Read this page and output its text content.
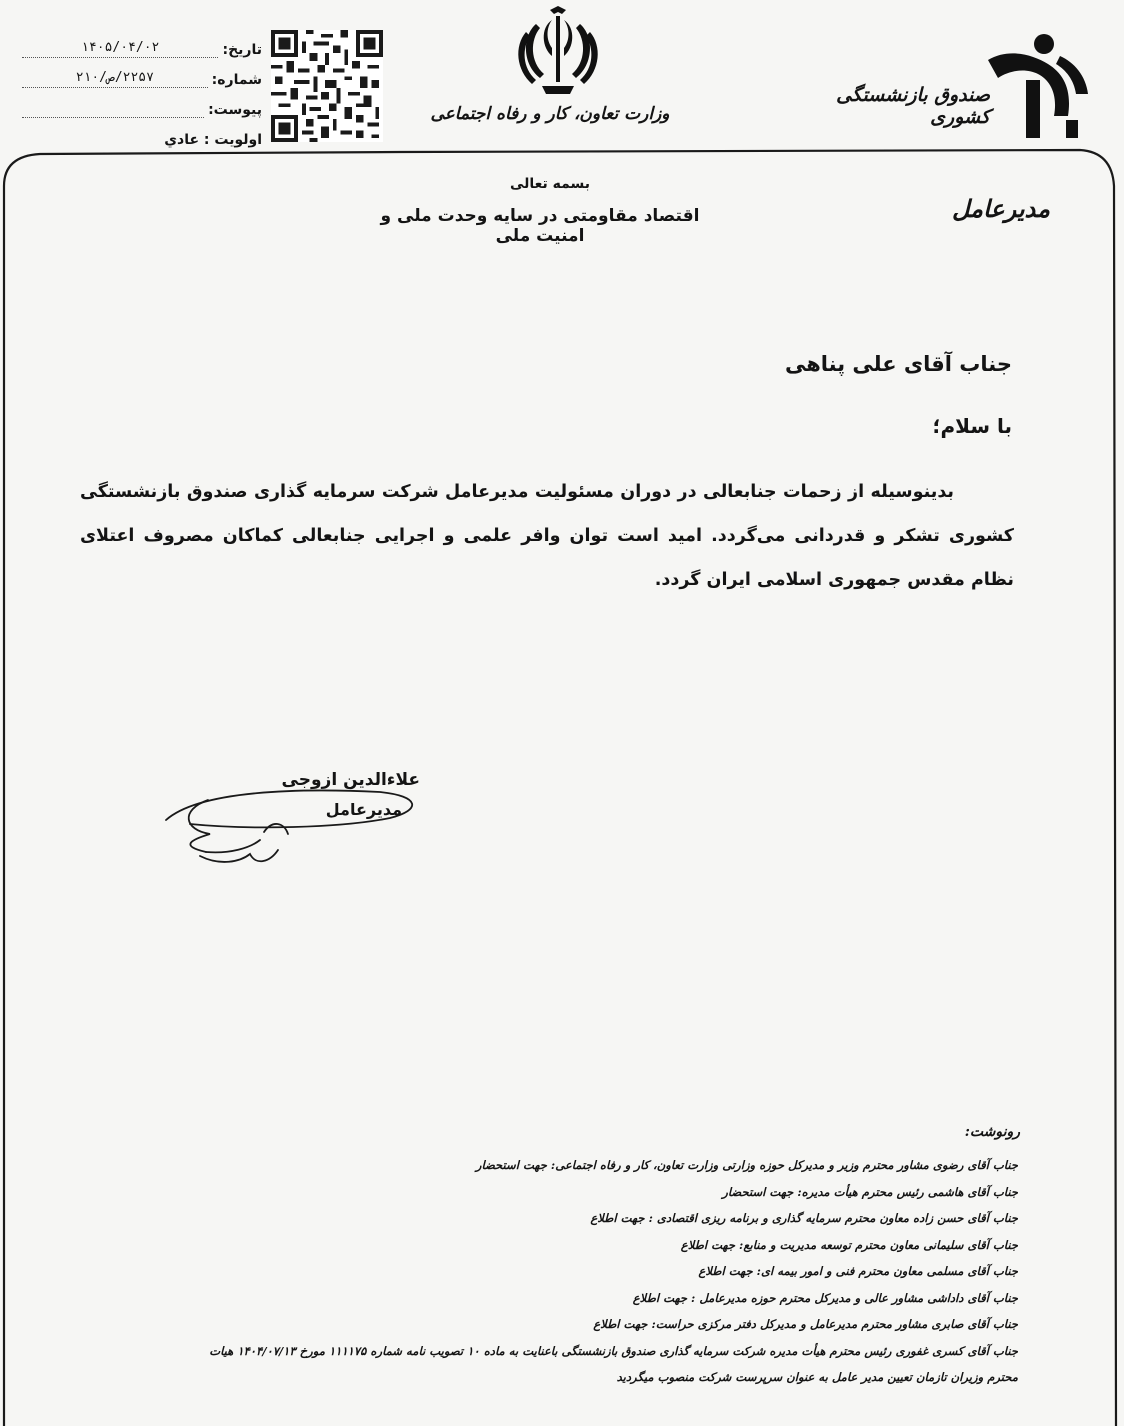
تاریخ:
۱۴۰۵/۰۴/۰۲
شماره:
۲۲۵۷/ص/۲۱۰
پیوست:
اولویت : عادي
وزارت تعاون، کار و رفاه اجتماعی
صندوق بازنشستگی کشوری
مدیرعامل
بسمه تعالی
اقتصاد مقاومتی در سایه وحدت ملی و امنیت ملی
جناب آقای علی پناهی
با سلام؛
بدینوسیله از زحمات جنابعالی در دوران مسئولیت مدیرعامل شرکت سرمایه گذاری صندوق بازنشستگی کشوری تشکر و قدردانی می‌گردد. امید است توان وافر علمی و اجرایی جنابعالی کماکان مصروف اعتلای نظام مقدس جمهوری اسلامی ایران گردد.
علاءالدین ازوجی
مدیرعامل
رونوشت:
جناب آقای رضوی مشاور محترم وزیر و مدیرکل حوزه وزارتی وزارت تعاون، کار و رفاه اجتماعی: جهت استحضار
جناب آقای هاشمی رئیس محترم هیأت مدیره: جهت استحضار
جناب آقای حسن زاده معاون محترم سرمایه گذاری و برنامه ریزی اقتصادی : جهت اطلاع
جناب آقای سلیمانی معاون محترم توسعه مدیریت و منابع: جهت اطلاع
جناب آقای مسلمی معاون محترم فنی و امور بیمه ای: جهت اطلاع
جناب آقای داداشی مشاور عالی و مدیرکل محترم حوزه مدیرعامل : جهت اطلاع
جناب آقای صابری مشاور محترم مدیرعامل و مدیرکل دفتر مرکزی حراست: جهت اطلاع
جناب آقای کسری غفوری رئیس محترم هیأت مدیره شرکت سرمایه گذاری صندوق بازنشستگی باعنایت به ماده ۱۰ تصویب نامه شماره ۱۱۱۱۷۵ مورخ ۱۴۰۴/۰۷/۱۳ هیات
محترم وزیران تازمان تعیین مدیر عامل به عنوان سرپرست شرکت منصوب میگردید
